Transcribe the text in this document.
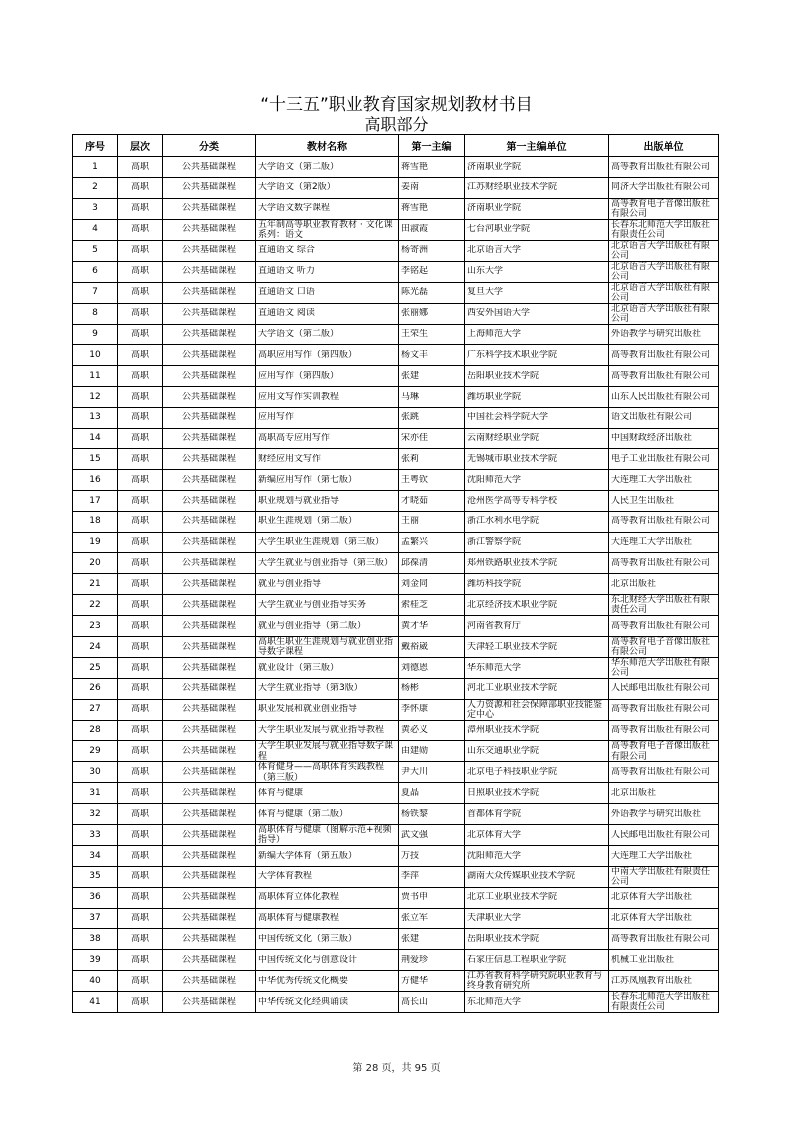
“十三五”职业教育国家规划教材书目
高职部分
序号	层次	分类	教材名称	第一主编	第一主编单位	出版单位

1	高职	公共基础课程	大学语文（第二版）	蒋雪艳	济南职业学院	高等教育出版社有限公司

2	高职	公共基础课程	大学语文（第2版）	姜南	江苏财经职业技术学院	同济大学出版社有限公司

3	高职	公共基础课程	大学语文数字课程	蒋雪艳	济南职业学院	高等教育电子音像出版社有限公司

4	高职	公共基础课程	五年制高等职业教育教材 · 文化课系列：语文	田淑霞	七台河职业学院	长春东北师范大学出版社有限责任公司

5	高职	公共基础课程	直通语文 综合	杨寄洲	北京语言大学	北京语言大学出版社有限公司

6	高职	公共基础课程	直通语文 听力	李铭起	山东大学	北京语言大学出版社有限公司

7	高职	公共基础课程	直通语文 口语	陈光磊	复旦大学	北京语言大学出版社有限公司

8	高职	公共基础课程	直通语文 阅读	张丽娜	西安外国语大学	北京语言大学出版社有限公司

9	高职	公共基础课程	大学语文（第二版）	王荣生	上海师范大学	外语教学与研究出版社

10	高职	公共基础课程	高职应用写作（第四版）	杨文丰	广东科学技术职业学院	高等教育出版社有限公司

11	高职	公共基础课程	应用写作（第四版）	张建	岳阳职业技术学院	高等教育出版社有限公司

12	高职	公共基础课程	应用文写作实训教程	马琳	潍坊职业学院	山东人民出版社有限公司

13	高职	公共基础课程	应用写作	张跳	中国社会科学院大学	语文出版社有限公司

14	高职	公共基础课程	高职高专应用写作	宋亦佳	云南财经职业学院	中国财政经济出版社

15	高职	公共基础课程	财经应用文写作	张莉	无锡城市职业技术学院	电子工业出版社有限公司

16	高职	公共基础课程	新编应用写作（第七版）	王粤钦	沈阳师范大学	大连理工大学出版社

17	高职	公共基础课程	职业规划与就业指导	才晓茹	沧州医学高等专科学校	人民卫生出版社

18	高职	公共基础课程	职业生涯规划（第二版）	王丽	浙江水利水电学院	高等教育出版社有限公司

19	高职	公共基础课程	大学生职业生涯规划（第三版）	孟繁兴	浙江警察学院	大连理工大学出版社

20	高职	公共基础课程	大学生就业与创业指导（第三版）	邱葆清	郑州铁路职业技术学院	高等教育出版社有限公司

21	高职	公共基础课程	就业与创业指导	刘金同	潍坊科技学院	北京出版社

22	高职	公共基础课程	大学生就业与创业指导实务	索桂芝	北京经济技术职业学院	东北财经大学出版社有限责任公司

23	高职	公共基础课程	就业与创业指导（第二版）	黄才华	河南省教育厅	高等教育出版社有限公司

24	高职	公共基础课程	高职生职业生涯规划与就业创业指导数字课程	戴裕崴	天津轻工职业技术学院	高等教育电子音像出版社有限公司

25	高职	公共基础课程	就业设计（第三版）	刘德恩	华东师范大学	华东师范大学出版社有限公司

26	高职	公共基础课程	大学生就业指导（第3版）	杨彬	河北工业职业技术学院	人民邮电出版社有限公司

27	高职	公共基础课程	职业发展和就业创业指导	李怀康	人力资源和社会保障部职业技能鉴定中心	高等教育出版社有限公司

28	高职	公共基础课程	大学生职业发展与就业指导教程	黄必义	漳州职业技术学院	高等教育出版社有限公司

29	高职	公共基础课程	大学生职业发展与就业指导数字课程	由建勋	山东交通职业学院	高等教育电子音像出版社有限公司

30	高职	公共基础课程	体育健身——高职体育实践教程（第三版）	尹大川	北京电子科技职业学院	高等教育出版社有限公司

31	高职	公共基础课程	体育与健康	夏晶	日照职业技术学院	北京出版社

32	高职	公共基础课程	体育与健康（第二版）	杨铁黎	首都体育学院	外语教学与研究出版社

33	高职	公共基础课程	高职体育与健康（图解示范+视频指导）	武文强	北京体育大学	人民邮电出版社有限公司

34	高职	公共基础课程	新编大学体育（第五版）	万技	沈阳师范大学	大连理工大学出版社

35	高职	公共基础课程	大学体育教程	李萍	湖南大众传媒职业技术学院	中南大学出版社有限责任公司

36	高职	公共基础课程	高职体育立体化教程	贾书申	北京工业职业技术学院	北京体育大学出版社

37	高职	公共基础课程	高职体育与健康教程	张立军	天津职业大学	北京体育大学出版社

38	高职	公共基础课程	中国传统文化（第三版）	张建	岳阳职业技术学院	高等教育出版社有限公司

39	高职	公共基础课程	中国传统文化与创意设计	荆爱珍	石家庄信息工程职业学院	机械工业出版社

40	高职	公共基础课程	中华优秀传统文化概要	方健华	江苏省教育科学研究院职业教育与终身教育研究所	江苏凤凰教育出版社

41	高职	公共基础课程	中华传统文化经典诵读	高长山	东北师范大学	长春东北师范大学出版社有限责任公司
第 28 页，共 95 页
